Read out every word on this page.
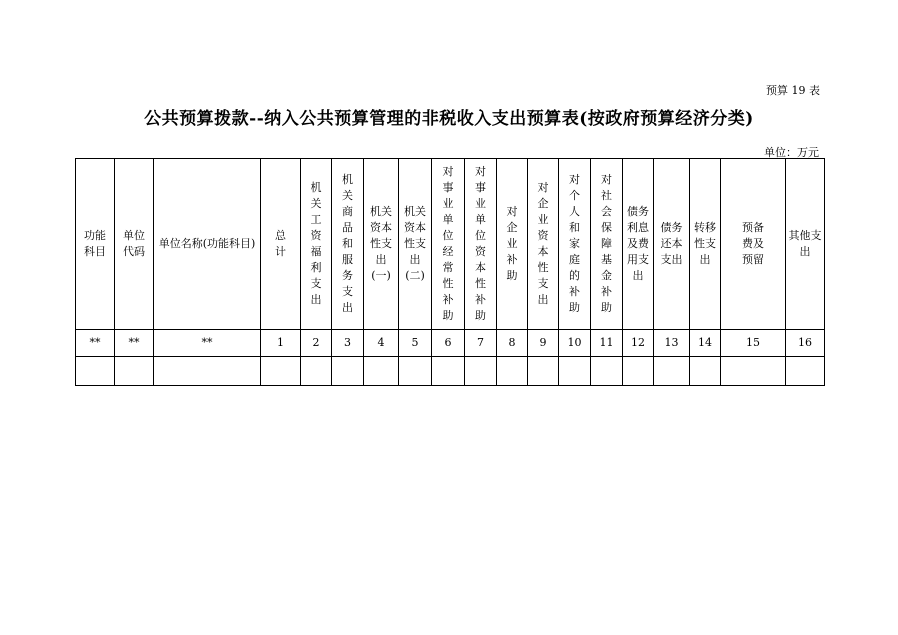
预算 19 表
公共预算拨款--纳入公共预算管理的非税收入支出预算表(按政府预算经济分类)
单位：万元
功能科目	单位代码	单位名称(功能科目)	总计	机关工资福利支出	机关商品和服务支出	机关资本性支出(一)	机关资本性支出(二)	对事业单位经常性补助	对事业单位资本性补助	对企业补助	对企业资本性支出	对个人和家庭的补助	对社会保障基金补助	债务利息及费用支出	债务还本支出	转移性支出	预备费及预留	其他支出
**	**	**	1	2	3	4	5	6	7	8	9	10	11	12	13	14	15	16
